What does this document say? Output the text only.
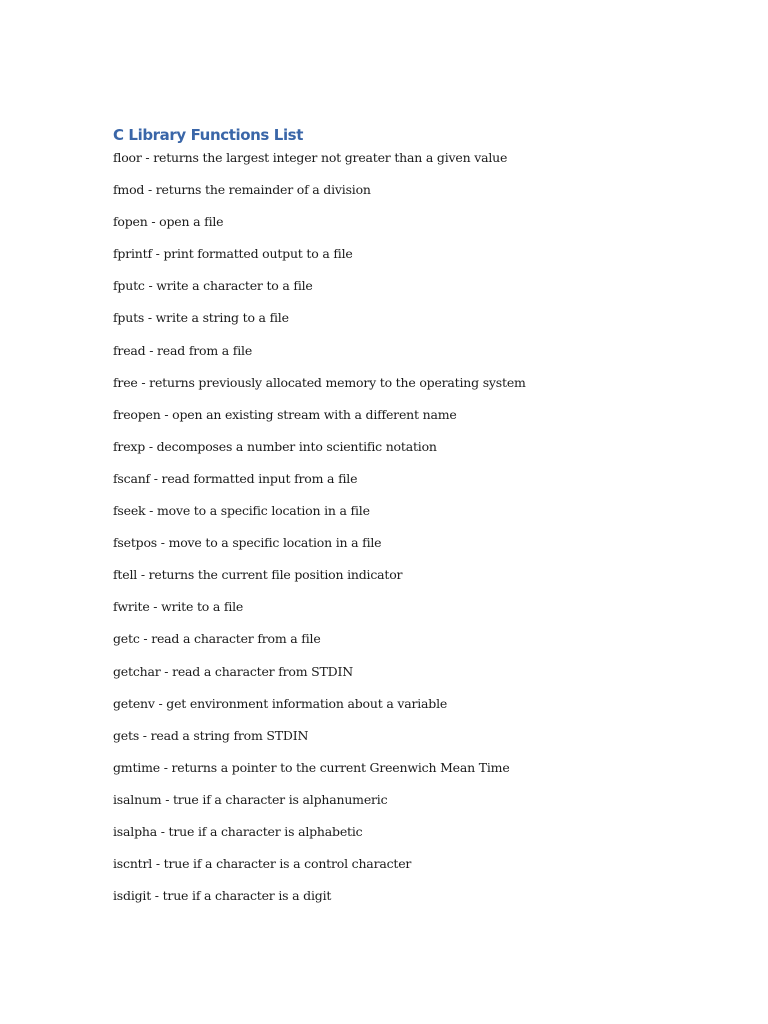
C Library Functions List
floor - returns the largest integer not greater than a given value
fmod - returns the remainder of a division
fopen - open a file
fprintf - print formatted output to a file
fputc - write a character to a file
fputs - write a string to a file
fread - read from a file
free - returns previously allocated memory to the operating system
freopen - open an existing stream with a different name
frexp - decomposes a number into scientific notation
fscanf - read formatted input from a file
fseek - move to a specific location in a file
fsetpos - move to a specific location in a file
ftell - returns the current file position indicator
fwrite - write to a file
getc - read a character from a file
getchar - read a character from STDIN
getenv - get environment information about a variable
gets - read a string from STDIN
gmtime - returns a pointer to the current Greenwich Mean Time
isalnum - true if a character is alphanumeric
isalpha - true if a character is alphabetic
iscntrl - true if a character is a control character
isdigit - true if a character is a digit
